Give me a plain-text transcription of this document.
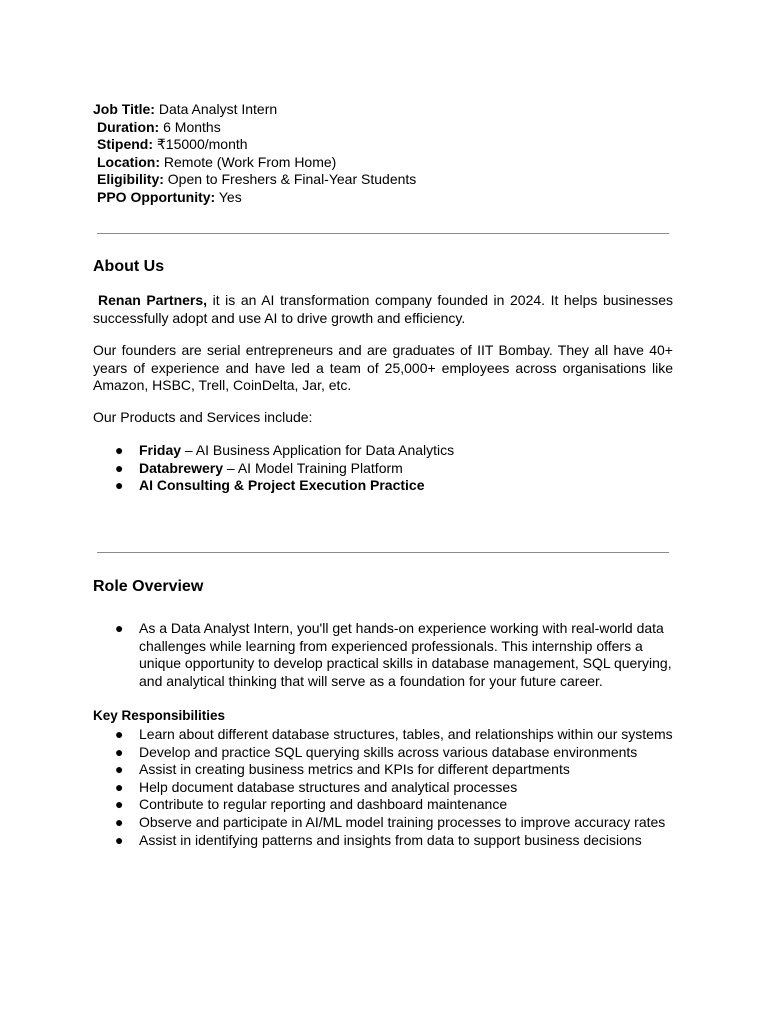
Job Title: Data Analyst Intern
Duration: 6 Months
Stipend: ₹15000/month
Location: Remote (Work From Home)
Eligibility: Open to Freshers & Final-Year Students
PPO Opportunity: Yes
About Us
Renan Partners, it is an AI transformation company founded in 2024. It helps businesses successfully adopt and use AI to drive growth and efficiency.
Our founders are serial entrepreneurs and are graduates of IIT Bombay. They all have 40+ years of experience and have led a team of 25,000+ employees across organisations like Amazon, HSBC, Trell, CoinDelta, Jar, etc.
Our Products and Services include:
● Friday – AI Business Application for Data Analytics
● Databrewery – AI Model Training Platform
● AI Consulting & Project Execution Practice
Role Overview
● As a Data Analyst Intern, you'll get hands-on experience working with real-world data challenges while learning from experienced professionals. This internship offers a unique opportunity to develop practical skills in database management, SQL querying, and analytical thinking that will serve as a foundation for your future career.
Key Responsibilities
● Learn about different database structures, tables, and relationships within our systems
● Develop and practice SQL querying skills across various database environments
● Assist in creating business metrics and KPIs for different departments
● Help document database structures and analytical processes
● Contribute to regular reporting and dashboard maintenance
● Observe and participate in AI/ML model training processes to improve accuracy rates
● Assist in identifying patterns and insights from data to support business decisions
